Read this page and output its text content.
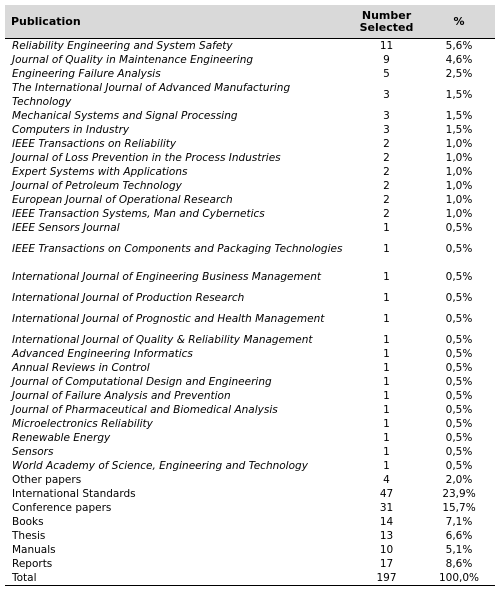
Publication	Number Selected	%
Reliability Engineering and System Safety	11	5,6%
Journal of Quality in Maintenance Engineering	9	4,6%
Engineering Failure Analysis	5	2,5%
The International Journal of Advanced Manufacturing Technology	3	1,5%
Mechanical Systems and Signal Processing	3	1,5%
Computers in Industry	3	1,5%
IEEE Transactions on Reliability	2	1,0%
Journal of Loss Prevention in the Process Industries	2	1,0%
Expert Systems with Applications	2	1,0%
Journal of Petroleum Technology	2	1,0%
European Journal of Operational Research	2	1,0%
IEEE Transaction Systems, Man and Cybernetics	2	1,0%
IEEE Sensors Journal	1	0,5%
IEEE Transactions on Components and Packaging Technologies	1	0,5%
International Journal of Engineering Business Management	1	0,5%
International Journal of Production Research	1	0,5%
International Journal of Prognostic and Health Management	1	0,5%
International Journal of Quality & Reliability Management	1	0,5%
Advanced Engineering Informatics	1	0,5%
Annual Reviews in Control	1	0,5%
Journal of Computational Design and Engineering	1	0,5%
Journal of Failure Analysis and Prevention	1	0,5%
Journal of Pharmaceutical and Biomedical Analysis	1	0,5%
Microelectronics Reliability	1	0,5%
Renewable Energy	1	0,5%
Sensors	1	0,5%
World Academy of Science, Engineering and Technology	1	0,5%
Other papers	4	2,0%
International Standards	47	23,9%
Conference papers	31	15,7%
Books	14	7,1%
Thesis	13	6,6%
Manuals	10	5,1%
Reports	17	8,6%
Total	197	100,0%
